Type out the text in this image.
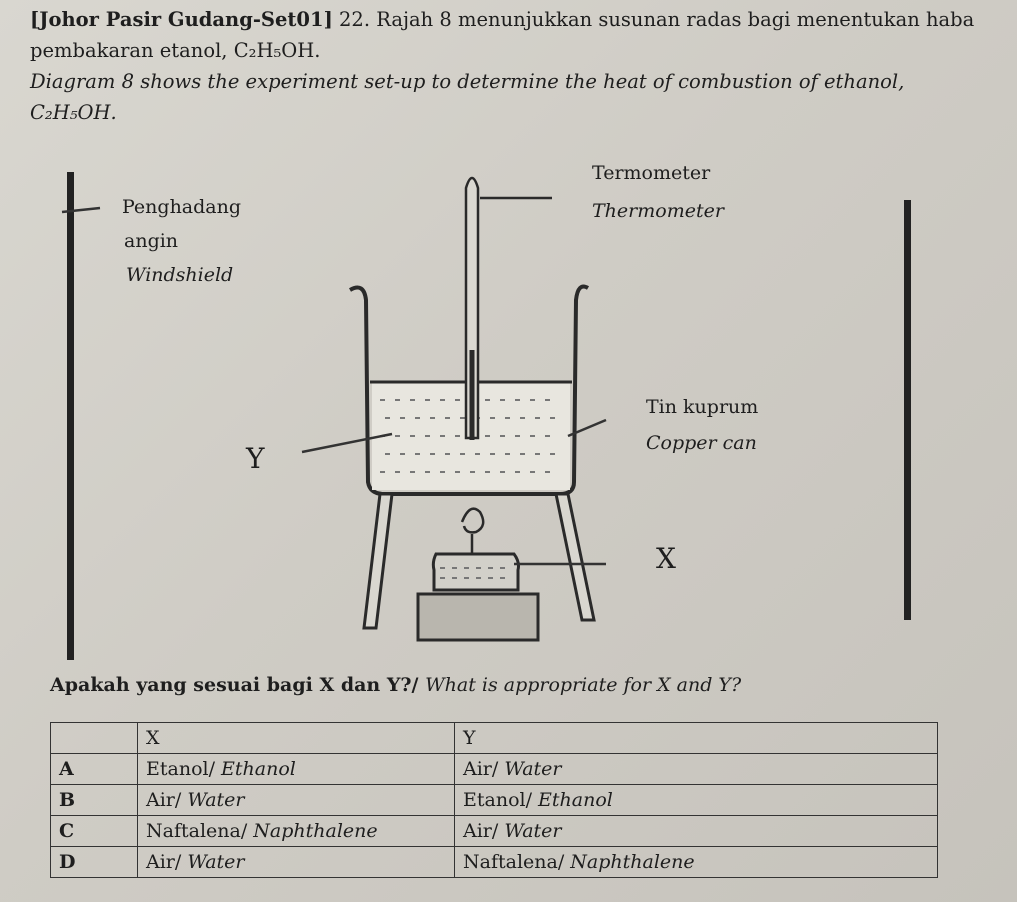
[Johor Pasir Gudang-Set01] 22. Rajah 8 menunjukkan susunan radas bagi menentukan haba pembakaran etanol, C₂H₅OH.
Diagram 8 shows the experiment set-up to determine the heat of combustion of ethanol, C₂H₅OH.
Penghadang
angin
Windshield
Termometer
Thermometer
Tin kuprum
Copper can
Y
X
Apakah yang sesuai bagi X dan Y?/ What is appropriate for X and Y?
	X	Y
A	Etanol/ Ethanol	Air/ Water
B	Air/ Water	Etanol/ Ethanol
C	Naftalena/ Naphthalene	Air/ Water
D	Air/ Water	Naftalena/ Naphthalene
